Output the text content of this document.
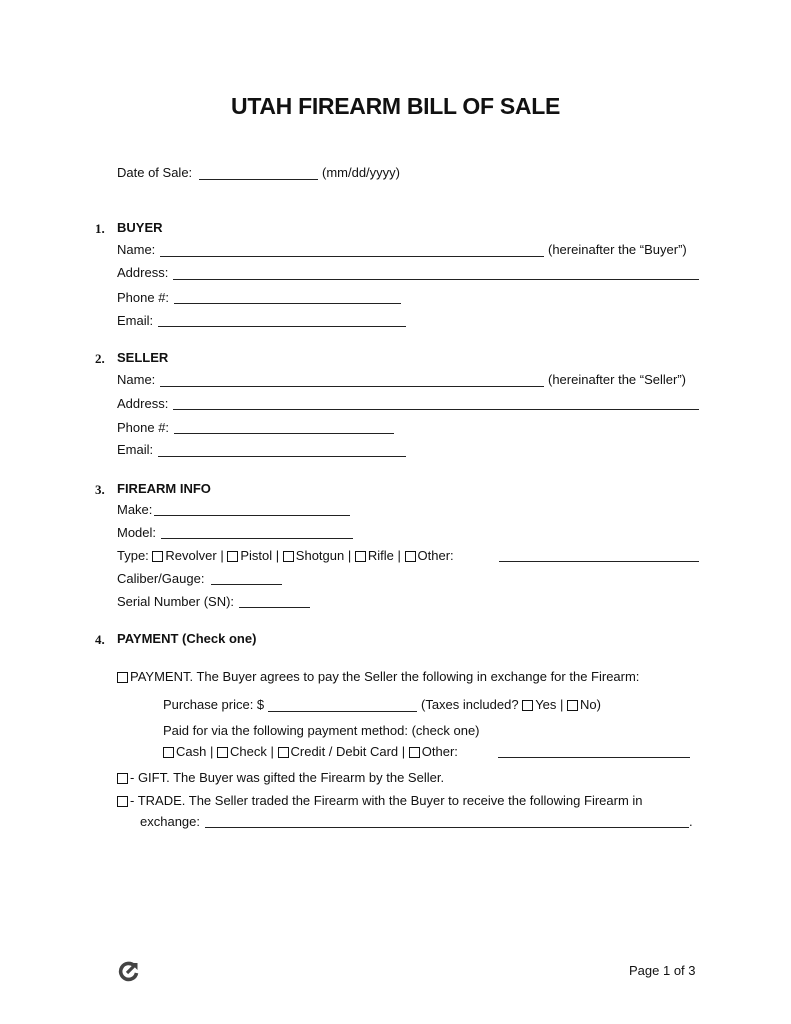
UTAH FIREARM BILL OF SALE
Date of Sale:	(mm/dd/yyyy)
1. BUYER
Name:	(hereinafter the “Buyer”)
Address:
Phone #:
Email:
2. SELLER
Name:	(hereinafter the “Seller”)
Address:
Phone #:
Email:
3. FIREARM INFO
Make:
Model:
Type: Revolver | Pistol | Shotgun | Rifle | Other:
Caliber/Gauge:
Serial Number (SN):
4. PAYMENT (Check one)
PAYMENT. The Buyer agrees to pay the Seller the following in exchange for the Firearm:
Purchase price: $	(Taxes included? Yes | No)
Paid for via the following payment method: (check one)
Cash | Check | Credit / Debit Card | Other:
- GIFT. The Buyer was gifted the Firearm by the Seller.
- TRADE. The Seller traded the Firearm with the Buyer to receive the following Firearm in
exchange:	.
Page 1 of 3
